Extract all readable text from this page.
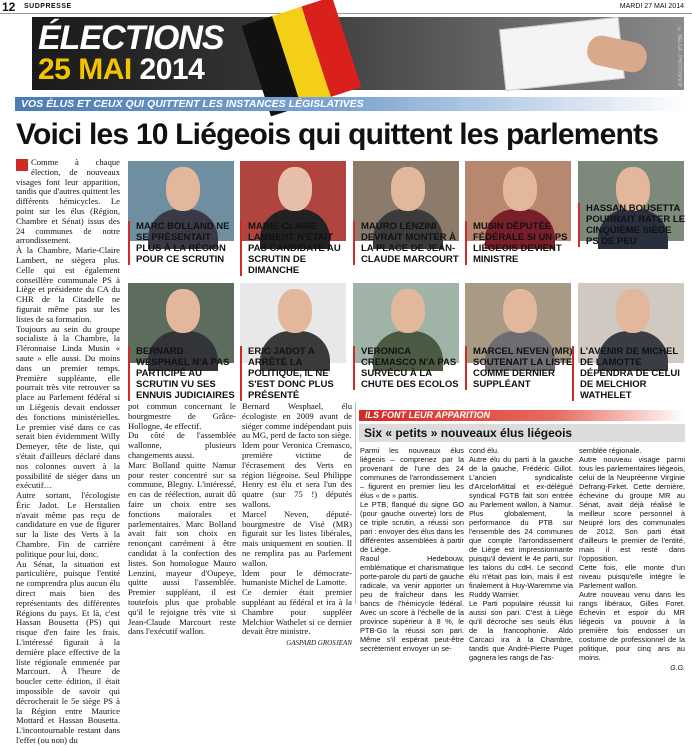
12 SUDPRESSE	MARDI 27 MAI 2014
ÉLECTIONS
25 MAI 2014	© BELGA - PHOTOSHOP
VOS ÉLUS ET CEUX QUI QUITTENT LES INSTANCES LÉGISLATIVES
Voici les 10 Liégeois qui quittent les parlements

Comme à chaque élection, de nouveaux visages font leur apparition, tandis que d'autres quittent les différents hémicycles. Le point sur les élus (Région, Chambre et Sénat) issus des 24 communes de notre arrondissement.

À la Chambre, Marie-Claire Lambert, ne siègera plus. Celle qui est également conseillère communale PS à Liège et présidente du CA du CHR de la Citadelle ne figurait même pas sur les listes de sa formation.

Toujours au sein du groupe socialiste à la Chambre, la Fléronnaise Linda Musin « saute » elle aussi. Du moins dans un premier temps. Première suppléante, elle pourrait très vite retrouver sa place au Parlement fédéral si un Liégeois devait endosser des fonctions ministérielles. Le premier visé dans ce cas serait bien évidemment Willy Demeyer, tête de liste, qui s'était d'ailleurs déclaré dans nos colonnes ouvert à la possibilité de siéger dans un exécutif…

Autre sortant, l'écologiste Éric Jadot. Le Herstalien n'avait même pas reçu de candidature en vue de figurer sur la liste des Verts à la Chambre. Fin de carrière politique pour lui, donc.

Au Sénat, la situation est particulière, puisque l'entité ne comprendra plus aucun élu direct mais bien des représentants des différentes Régions du pays. Et là, c'est Hassan Bousetta (PS) qui risque d'en faire les frais. L'intéressé figurait à la dernière place effective de la liste régionale emmenée par Marcourt. À l'heure de boucler cette édition, il était impossible de savoir qui décrocherait le 5e siège PS à la Région entre Maurice Mottard et Hassan Bousetta. L'incontournable restant dans l'effet (ou non) du

MARC BOLLAND NE SE PRÉSENTAIT PLUS À LA RÉGION POUR CE SCRUTIN
MARIE-CLAIRE LAMBERT N'ÉTAIT PAS CANDIDATE AU SCRUTIN DE DIMANCHE
MAURO LENZINI DEVRAIT MONTER À LA PLACE DE JEAN-CLAUDE MARCOURT
MUSIN DÉPUTÉE FÉDÉRALE SI UN PS LIÉGEOIS DEVIENT MINISTRE
HASSAN BOUSETTA POURRAIT RATER LE CINQUIÈME SIÈGE PS DE PEU
BERNARD WESPHAEL N'A PAS PARTICIPÉ AU SCRUTIN VU SES ENNUIS JUDICIAIRES
ERIC JADOT A ARRÊTÉ LA POLITIQUE, IL NE S'EST DONC PLUS PRÉSENTÉ
VERONICA CREMASCO N'A PAS SURVÉCU À LA CHUTE DES ECOLOS
MARCEL NEVEN (MR) SOUTENAIT LA LISTE COMME DERNIER SUPPLÉANT
L'AVENIR DE MICHEL DE LAMOTTE DÉPENDRA DE CELUI DE MELCHIOR WATHELET

pot commun concernant le bourgmestre de Grâce-Hollogne, 4e effectif.

Du côté de l'assemblée wallonne, plusieurs changements aussi.

Marc Bolland quitte Namur pour rester concentré sur sa commune, Blegny. L'intéressé, en cas de réélection, aurait dû faire un choix entre ses fonctions maïorales et parlementaires. Marc Bolland avait fait son choix en renonçant carrément à être candidat à la confection des listes. Son homologue Mauro Lenzini, mayeur d'Oupeye, quitte aussi l'assemblée. Premier suppléant, il est toutefois plus que probable qu'il le rejoigne très vite si Jean-Claude Marcourt reste dans l'exécutif wallon.

Bernard Wesphael, élu écologiste en 2009 avant de siéger comme indépendant puis au MG, perd de facto son siège.

Idem pour Veronica Cremasco, première victime de l'écrasement des Verts en région liégeoise. Seul Philippe Henry est élu et sera l'un des quatre (sur 75 !) députés wallons.

Marcel Neven, député-bourgmestre de Visé (MR) figurait sur les listes libérales, mais uniquement en soutien. Il ne remplira pas au Parlement wallon.

Idem pour le démocrate-humaniste Michel de Lamotte.

Ce dernier était premier suppléant au fédéral et ira à la Chambre pour suppléer Melchior Wathelet si ce dernier devait être ministre.

GASPARD GROSJEAN
ILS FONT LEUR APPARITION
Six « petits » nouveaux élus liégeois

Parmi les nouveaux élus liégeois – comprenez par la provenant de l'une des 24 communes de l'arrondissement – figurent en premier lieu les élus « de » partis.

Le PTB, flanqué du signe GO (pour gauche ouverte) lors de ce triple scrutin, a réussi son pari : envoyer des élus dans les différentes assemblées à partir de Liège.

Raoul Hedebouw, emblématique et charismatique porte-parole du parti de gauche radicale, va venir apporter un peu de fraîcheur dans les bancs de l'hémicycle fédéral. Avec un score à l'échelle de la province supérieur à 8 %, le PTB-Go la réussi son pari. Même s'il espérait peut-être secrètement envoyer un se-

cond élu.

Autre élu du parti à la gauche de la gauche, Frédéric Gillot. L'ancien syndicaliste d'ArcelorMittal et ex-délégué syndical FGTB fait son entrée au Parlement wallon, à Namur. Plus globalement, la performance du PTB sur l'ensemble des 24 communes que compte l'arrondissement de Liège est impressionnante puisqu'il devient le 4e parti, sur les talons du cdH. Le second élu n'était pas loin, mais il est finalement à Huy-Waremme via Ruddy Warnier.

Le Parti populaire réussit lui aussi son pari. C'est à Liège qu'il décroche ses seuls élus de la francophonie. Aldo Carcaci ira à la Chambre, tandis que André-Pierre Puget gagnera les rangs de l'as-

semblée régionale.

Autre nouveau visage parmi tous les parlementaires liégeois, celui de la Neupréenne Virginie Defrang-Firket. Cette dernière, échevine du groupe MR au Sénat, avait déjà réalisé le meilleur score personnel à Neupré lors des communales de 2012. Son parti était d'ailleurs le premier de l'entité, mais il est resté dans l'opposition.

Cette fois, elle monte d'un niveau puisqu'elle intègre le Parlement wallon.

Autre nouveau venu dans les rangs libéraux, Gilles Foret. Échevin et espoir du MR liégeois va pouvoir à la première fois endosser un costume de professionnel de la politique, pour cinq ans au moins.

G.G.
